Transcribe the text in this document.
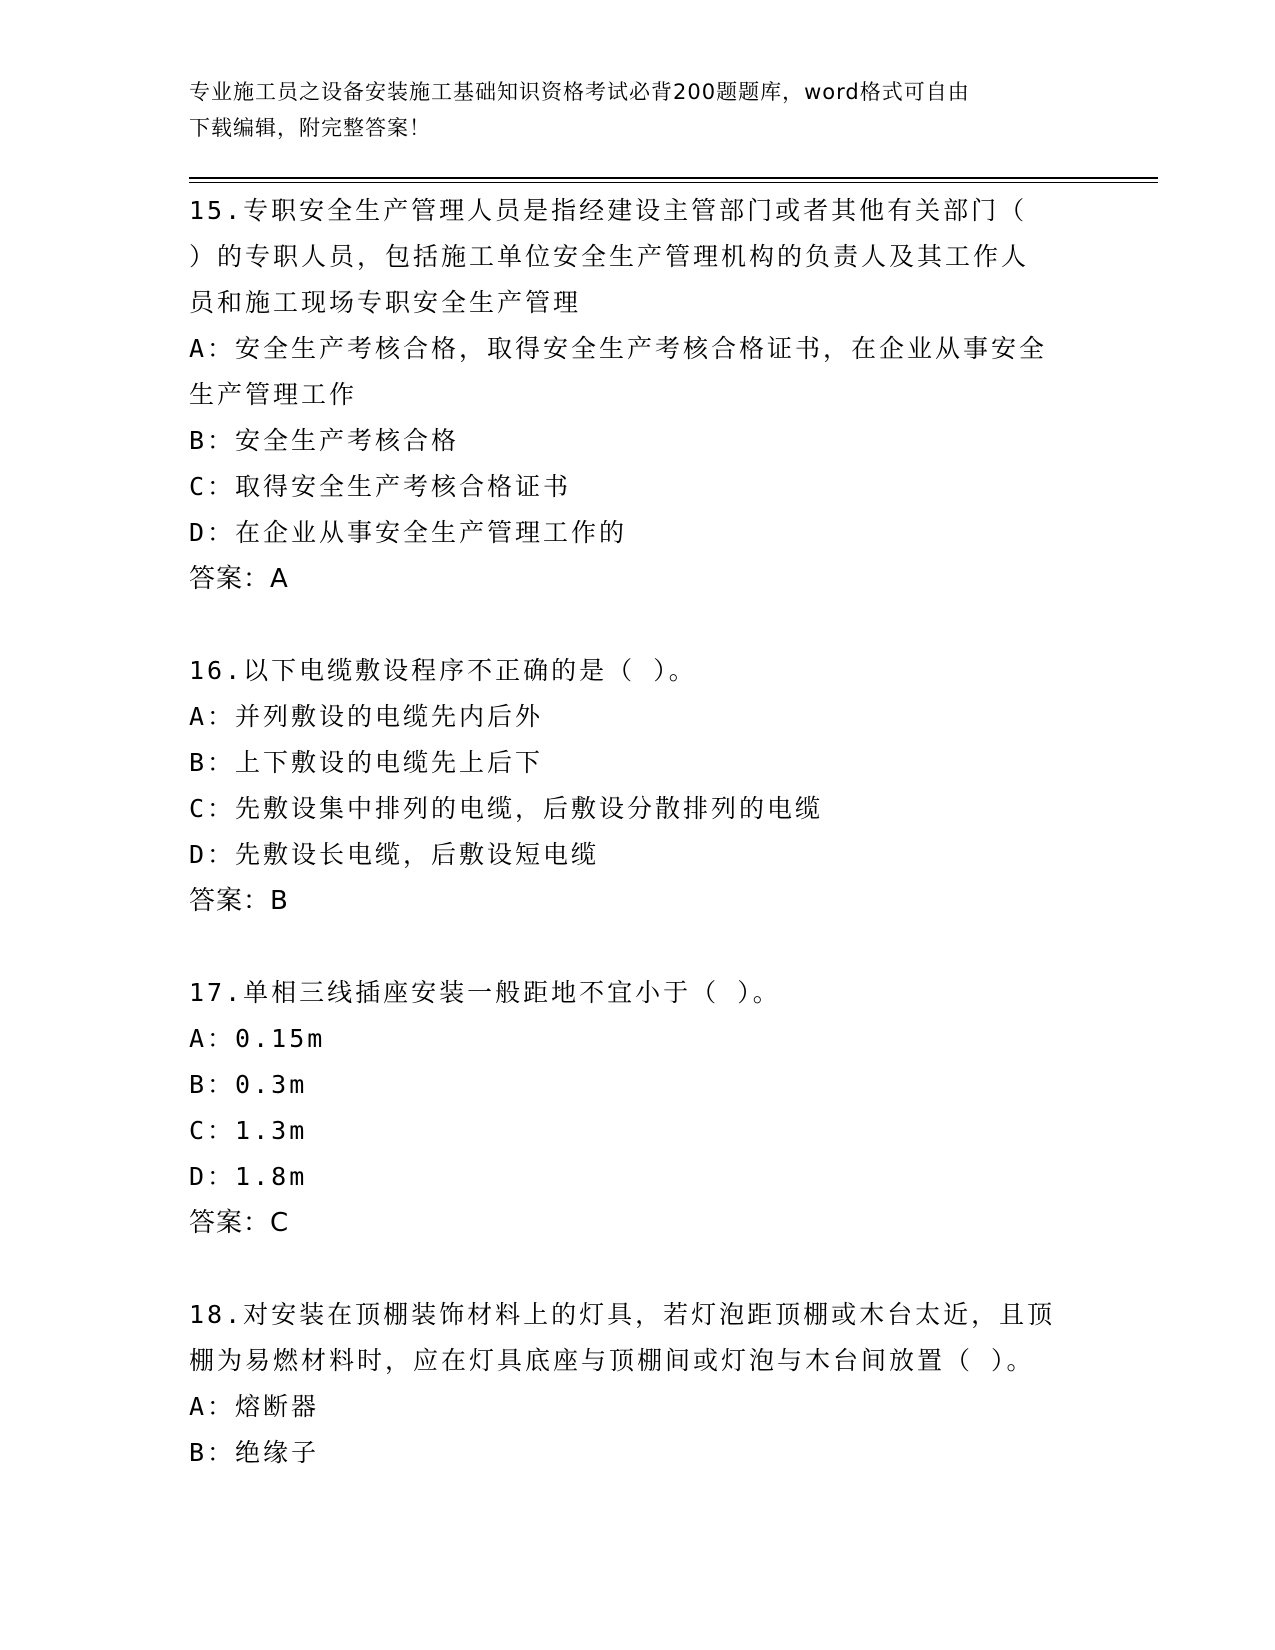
专业施工员之设备安装施工基础知识资格考试必背200题题库，word格式可自由
下载编辑，附完整答案！
15.专职安全生产管理人员是指经建设主管部门或者其他有关部门（
）的专职人员，包括施工单位安全生产管理机构的负责人及其工作人
员和施工现场专职安全生产管理
A：安全生产考核合格，取得安全生产考核合格证书，在企业从事安全
生产管理工作
B：安全生产考核合格
C：取得安全生产考核合格证书
D：在企业从事安全生产管理工作的
答案：A
16.以下电缆敷设程序不正确的是（ ）。
A：并列敷设的电缆先内后外
B：上下敷设的电缆先上后下
C：先敷设集中排列的电缆，后敷设分散排列的电缆
D：先敷设长电缆，后敷设短电缆
答案：B
17.单相三线插座安装一般距地不宜小于（ ）。
A：0.15m
B：0.3m
C：1.3m
D：1.8m
答案：C
18.对安装在顶棚装饰材料上的灯具，若灯泡距顶棚或木台太近，且顶
棚为易燃材料时，应在灯具底座与顶棚间或灯泡与木台间放置（ ）。
A：熔断器
B：绝缘子
